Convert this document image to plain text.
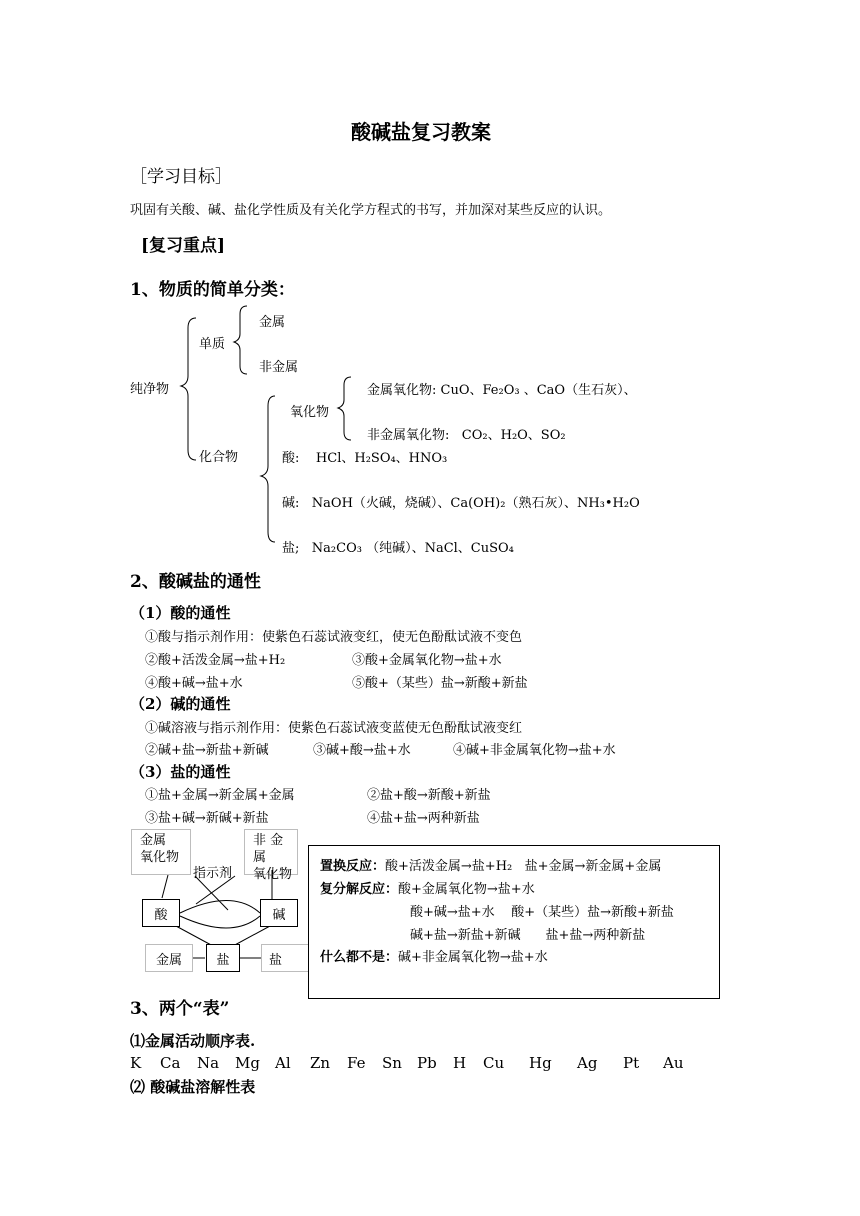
酸碱盐复习教案
［学习目标］
巩固有关酸、碱、盐化学性质及有关化学方程式的书写，并加深对某些反应的认识。
[复习重点]
1、物质的简单分类：
纯净物
单质
金属
非金属
化合物
氧化物
金属氧化物: CuO、Fe₂O₃ 、CaO（生石灰）、
非金属氧化物:   CO₂、H₂O、SO₂
酸:    HCl、H₂SO₄、HNO₃
碱:   NaOH（火碱，烧碱）、Ca(OH)₂（熟石灰）、NH₃•H₂O
盐;   Na₂CO₃ （纯碱）、NaCl、CuSO₄
2、酸碱盐的通性
（1）酸的通性
①酸与指示剂作用：使紫色石蕊试液变红，使无色酚酞试液不变色
②酸+活泼金属→盐+H₂	③酸+金属氧化物→盐+水
④酸+碱→盐+水	⑤酸+（某些）盐→新酸+新盐
（2）碱的通性
①碱溶液与指示剂作用：使紫色石蕊试液变蓝使无色酚酞试液变红
②碱+盐→新盐+新碱	③碱+酸→盐+水	④碱+非金属氧化物→盐+水
（3）盐的通性
①盐+金属→新金属+金属	②盐+酸→新酸+新盐
③盐+碱→新碱+新盐	④盐+盐→两种新盐
金属
氧化物
非 金 属
氧化物
指示剂
酸	碱
金属	盐	盐
置换反应：酸+活泼金属→盐+H₂   盐+金属→新金属+金属
复分解反应：酸+金属氧化物→盐+水
酸+碱→盐+水 酸+（某些）盐→新酸+新盐
碱+盐→新盐+新碱 盐+盐→两种新盐
什么都不是：碱+非金属氧化物→盐+水
3、两个“表”
⑴金属活动顺序表.
K Ca Na Mg Al Zn Fe Sn Pb H Cu Hg Ag Pt Au
⑵ 酸碱盐溶解性表
